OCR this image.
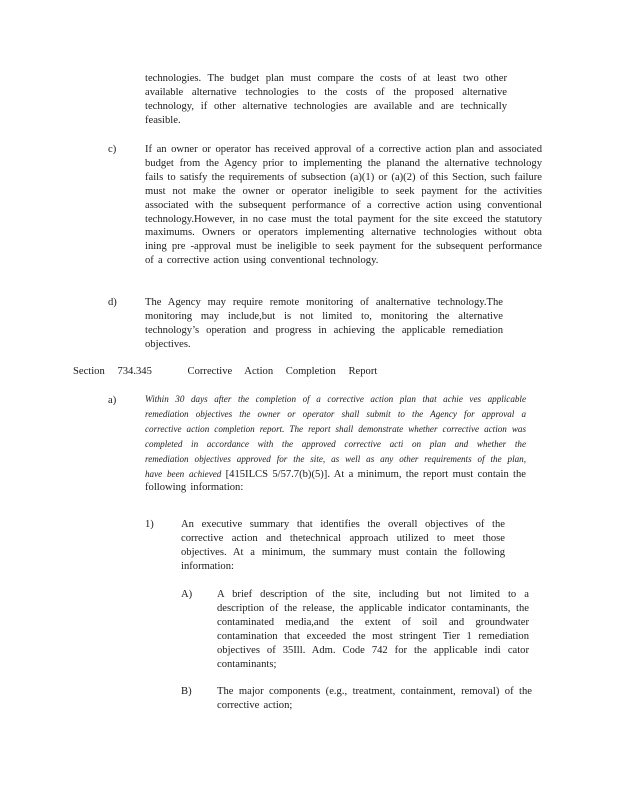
technologies. The budget plan must compare the costs of at least two other available alternative technologies to the costs of the proposed alternative technology, if other alternative technologies are available and are technically feasible.
c)	If an owner or operator has received approval of a corrective action plan and associated budget from the Agency prior to implementing the planand the alternative technology fails to satisfy the requirements of subsection (a)(1) or (a)(2) of this Section, such failure must not make the owner or operator ineligible to seek payment for the activities associated with the subsequent performance of a corrective action using conventional technology.However, in no case must the total payment for the site exceed the statutory maximums. Owners or operators implementing alternative technologies without obta ining pre -approval must be ineligible to seek payment for the subsequent performance of a corrective action using conventional technology.
d)	The Agency may require remote monitoring of analternative technology.The monitoring may include,but is not limited to, monitoring the alternative technology’s operation and progress in achieving the applicable remediation objectives.
Section 734.345	Corrective Action Completion Report
a)	Within 30 days after the completion of a corrective action plan that achie ves applicable remediation objectives the owner or operator shall submit to the Agency for approval a corrective action completion report. The report shall demonstrate whether corrective action was completed in accordance with the approved corrective acti on plan and whether the remediation objectives approved for the site, as well as any other requirements of the plan, have been achieved [415ILCS 5/57.7(b)(5)]. At a minimum, the report must contain the following information:
1)	An executive summary that identifies the overall objectives of the corrective action and thetechnical approach utilized to meet those objectives. At a minimum, the summary must contain the following information:
A) A brief description of the site, including but not limited to a description of the release, the applicable indicator contaminants, the contaminated media,and the extent of soil and groundwater contamination that exceeded the most stringent Tier 1 remediation objectives of 35Ill. Adm. Code 742 for the applicable indi cator contaminants;
B) The major components (e.g., treatment, containment, removal) of the corrective action;
